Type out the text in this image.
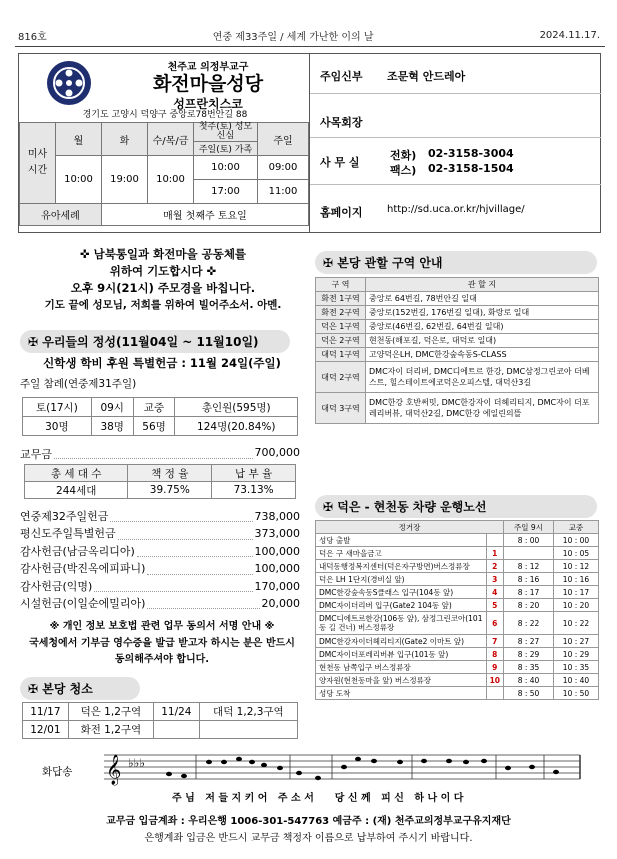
816호	연중 제33주일 / 세계 가난한 이의 날	2024.11.17.
천주교 의정부교구
화전마을성당
성프란치스코
경기도 고양시 덕양구 중앙로78번안길 88
미사
시간	월	화	수/목/금	첫주(토) 성모 신심	주일
				주일(토) 가족	
	10:00	19:00	10:00	10:00	09:00
				17:00	11:00
유아세례		매월 첫째주 토요일			
주임신부 조문혁 안드레아
사목회장
사 무 실
전화) 02-3158-3004
팩스) 02-3158-1504
홈페이지 http://sd.uca.or.kr/hjvillage/
✜ 남북통일과 화전마을 공동체를
위하여 기도합시다 ✜
오후 9시(21시) 주모경을 바칩니다.
기도 끝에 성모님, 저희를 위하여 빌어주소서. 아멘.
✠ 우리들의 정성(11월04일 ~ 11월10일)
신학생 학비 후원 특별헌금 : 11월 24일(주일)
주일 참례(연중제31주일)
토(17시)	09시	교중	총인원(595명)
30명	38명	56명	124명(20.84%)
교무금	700,000
총 세 대 수	책 정 율	납 부 율
244세대	39.75%	73.13%
연중제32주일헌금	738,000
평신도주일특별헌금	373,000
감사헌금(남금옥리디아)	100,000
감사헌금(박진옥에피파니)	100,000
감사헌금(익명)	170,000
시설헌금(이일순에밀리아)	20,000
※ 개인 정보 보호법 관련 업무 동의서 서명 안내 ※
국세청에서 기부금 영수증을 발급 받고자 하시는 분은 반드시 동의해주셔야 합니다.
✠ 본당 청소
11/17	덕은 1,2구역	11/24	대덕 1,2,3구역
12/01	화전 1,2구역		
✠ 본당 관할 구역 안내
구 역	관 할 지
화전 1구역	중앙로 64번길, 78번안길 일대
화전 2구역	중앙로(152번길, 176번길 일대), 화랑로 일대
덕은 1구역	중앙로(46번길, 62번길, 64번길 일대)
덕은 2구역	현천동(해포길, 덕은로, 대덕로 일대)
대덕 1구역	고양덕은LH, DMC한강숲속동S-CLASS
대덕 2구역	DMC자이 더리버, DMC디에트르 한강, DMC삼정그린코아 더베스트, 힐스테이트에코덕은오피스텔, 대덕산3길
대덕 3구역	DMC한강 호반써밋, DMC한강자이 더헤리티지, DMC자이 더포레리버뷰, 대덕산2길, DMC한강 에일린의뜰
✠ 덕은 - 현천동 차량 운행노선
정거장		주일 9시	교중
성당 출발		8 : 00	10 : 00
덕은 구 새마을금고	1		10 : 05
내덕동행정복지센터(덕은자구방면)버스정류장	2	8 : 12	10 : 12
덕은 LH 1단지(경비실 앞)	3	8 : 16	10 : 16
DMC한강숲속동S클래스 입구(104동 앞)	4	8 : 17	10 : 17
DMC자이더리버 입구(Gate2 104동 앞)	5	8 : 20	10 : 20
DMC디에트르한강(106동 앞), 삼정그린코아(101동 길 건너) 버스정류장	6	8 : 22	10 : 22
DMC한강자이더헤리티지(Gate2 이마트 앞)	7	8 : 27	10 : 27
DMC자이더포레리버뷰 입구(101동 앞)	8	8 : 29	10 : 29
현천동 남쪽입구 버스정류장	9	8 : 35	10 : 35
양자원(현천동마을 앞) 버스정류장	10	8 : 40	10 : 40
성당 도착		8 : 50	10 : 50
화답송 𝄞 ♭♭♭
주 님   저 들 지 키 어   주 소 서      당 신 께   피 신   하 나 이 다
교무금 입금계좌 : 우리은행 1006-301-547763 예금주 : (재) 천주교의정부교구유지재단
은행계좌 입금은 반드시 교무금 책정자 이름으로 납부하여 주시기 바랍니다.
